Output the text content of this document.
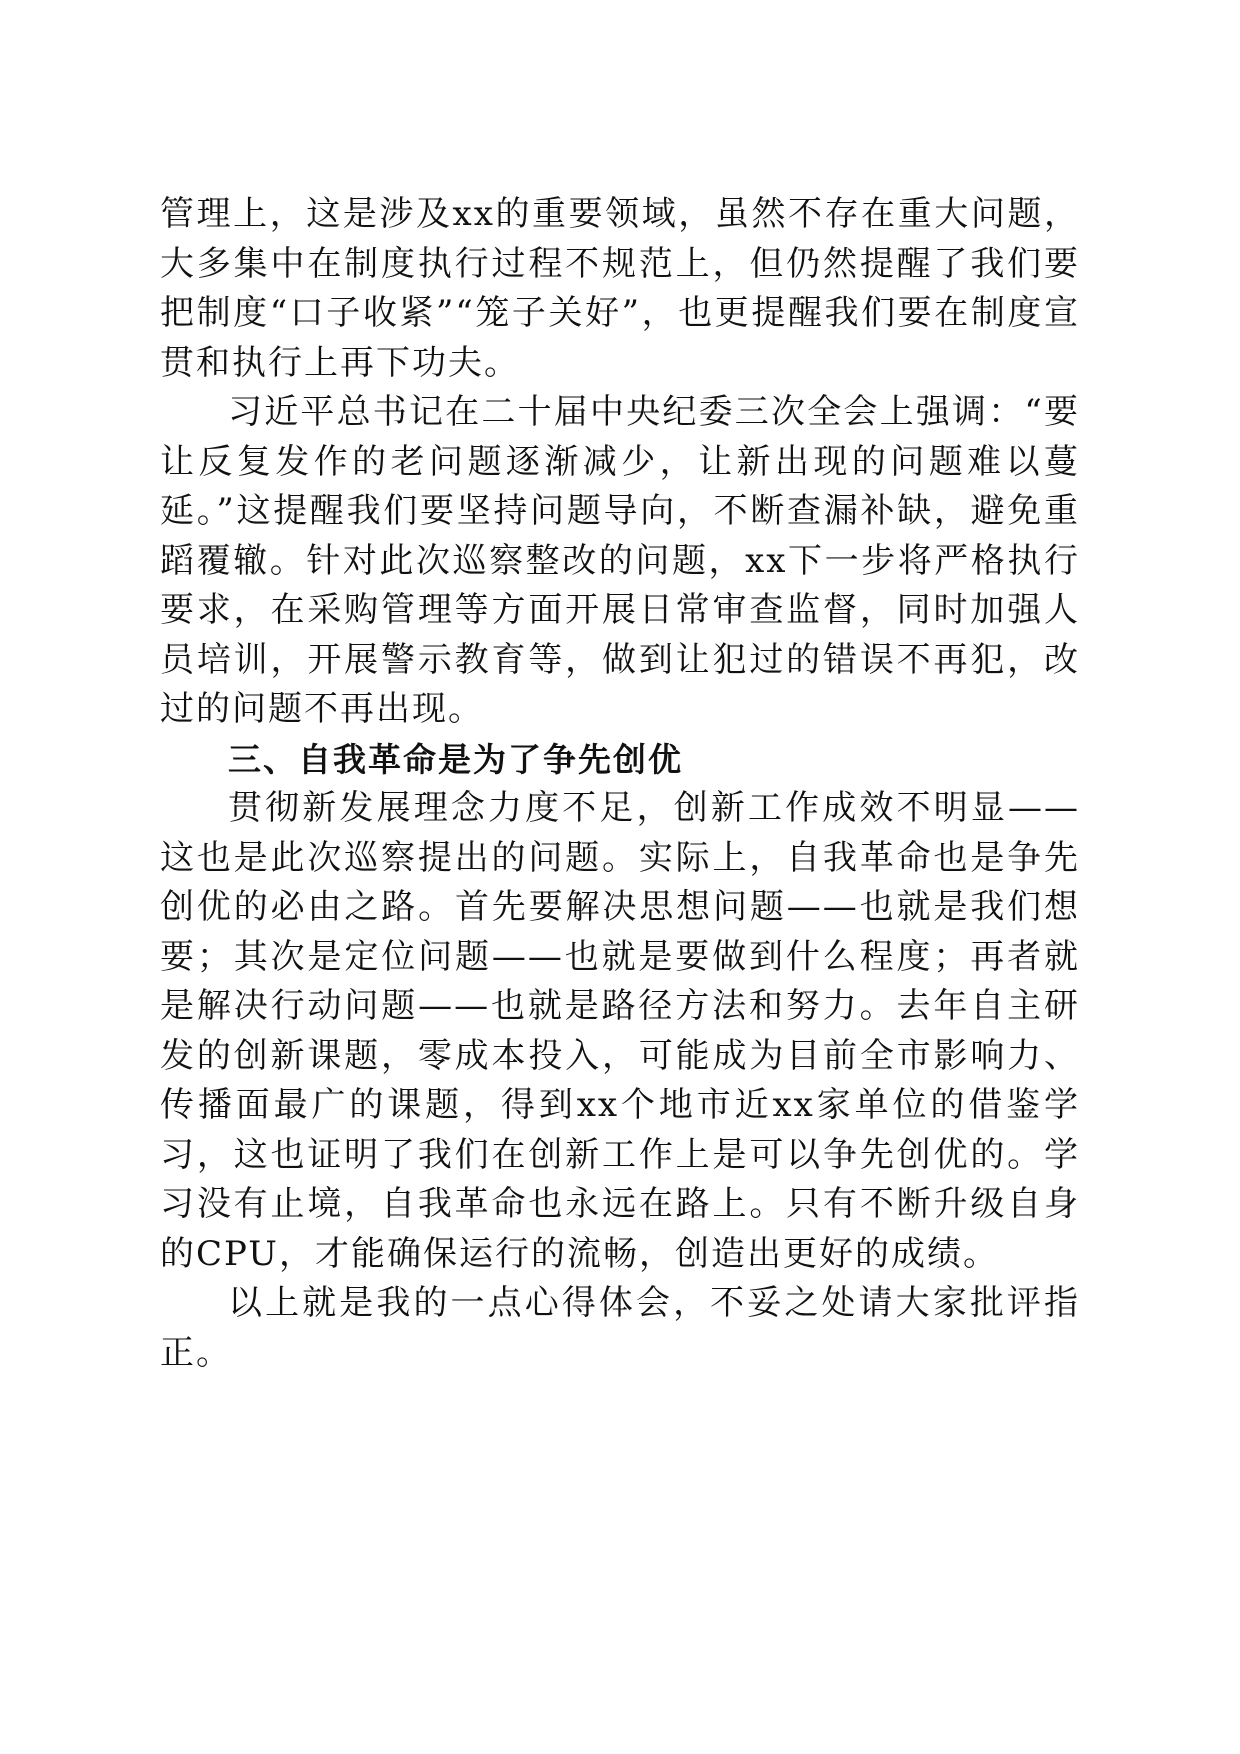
管理上，这是涉及xx的重要领域，虽然不存在重大问题，大多集中在制度执行过程不规范上，但仍然提醒了我们要把制度“口子收紧”“笼子关好”，也更提醒我们要在制度宣贯和执行上再下功夫。

习近平总书记在二十届中央纪委三次全会上强调：“要让反复发作的老问题逐渐减少，让新出现的问题难以蔓延。”这提醒我们要坚持问题导向，不断查漏补缺，避免重蹈覆辙。针对此次巡察整改的问题，xx下一步将严格执行要求，在采购管理等方面开展日常审查监督，同时加强人员培训，开展警示教育等，做到让犯过的错误不再犯，改过的问题不再出现。

三、自我革命是为了争先创优

贯彻新发展理念力度不足，创新工作成效不明显——这也是此次巡察提出的问题。实际上，自我革命也是争先创优的必由之路。首先要解决思想问题——也就是我们想要；其次是定位问题——也就是要做到什么程度；再者就是解决行动问题——也就是路径方法和努力。去年自主研发的创新课题，零成本投入，可能成为目前全市影响力、传播面最广的课题，得到xx个地市近xx家单位的借鉴学习，这也证明了我们在创新工作上是可以争先创优的。学习没有止境，自我革命也永远在路上。只有不断升级自身的CPU，才能确保运行的流畅，创造出更好的成绩。

以上就是我的一点心得体会，不妥之处请大家批评指正。
